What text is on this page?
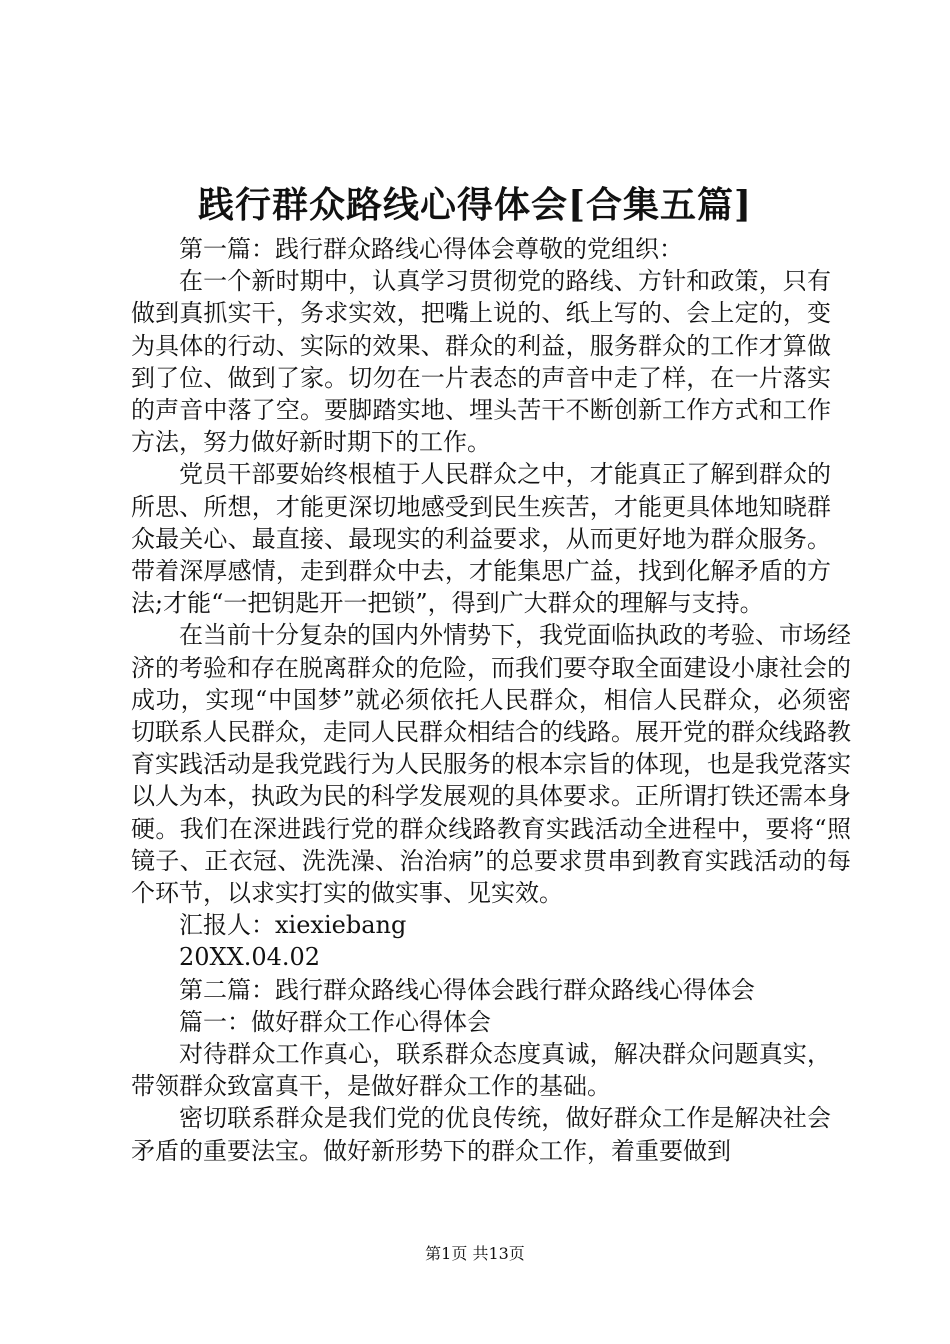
践行群众路线心得体会[合集五篇]

第一篇：践行群众路线心得体会尊敬的党组织：

在一个新时期中，认真学习贯彻党的路线、方针和政策，只有做到真抓实干，务求实效，把嘴上说的、纸上写的、会上定的，变为具体的行动、实际的效果、群众的利益，服务群众的工作才算做到了位、做到了家。切勿在一片表态的声音中走了样，在一片落实的声音中落了空。要脚踏实地、埋头苦干不断创新工作方式和工作方法，努力做好新时期下的工作。

党员干部要始终根植于人民群众之中，才能真正了解到群众的所思、所想，才能更深切地感受到民生疾苦，才能更具体地知晓群众最关心、最直接、最现实的利益要求，从而更好地为群众服务。带着深厚感情，走到群众中去，才能集思广益，找到化解矛盾的方法;才能“一把钥匙开一把锁”，得到广大群众的理解与支持。

在当前十分复杂的国内外情势下，我党面临执政的考验、市场经济的考验和存在脱离群众的危险，而我们要夺取全面建设小康社会的成功，实现“中国梦”就必须依托人民群众，相信人民群众，必须密切联系人民群众，走同人民群众相结合的线路。展开党的群众线路教育实践活动是我党践行为人民服务的根本宗旨的体现，也是我党落实以人为本，执政为民的科学发展观的具体要求。正所谓打铁还需本身硬。我们在深进践行党的群众线路教育实践活动全进程中，要将“照镜子、正衣冠、洗洗澡、治治病”的总要求贯串到教育实践活动的每个环节，以求实打实的做实事、见实效。

汇报人：xiexiebang

20XX.04.02

第二篇：践行群众路线心得体会践行群众路线心得体会

篇一：做好群众工作心得体会

对待群众工作真心，联系群众态度真诚，解决群众问题真实，带领群众致富真干，是做好群众工作的基础。

密切联系群众是我们党的优良传统，做好群众工作是解决社会矛盾的重要法宝。做好新形势下的群众工作，着重要做到

第1页 共13页
